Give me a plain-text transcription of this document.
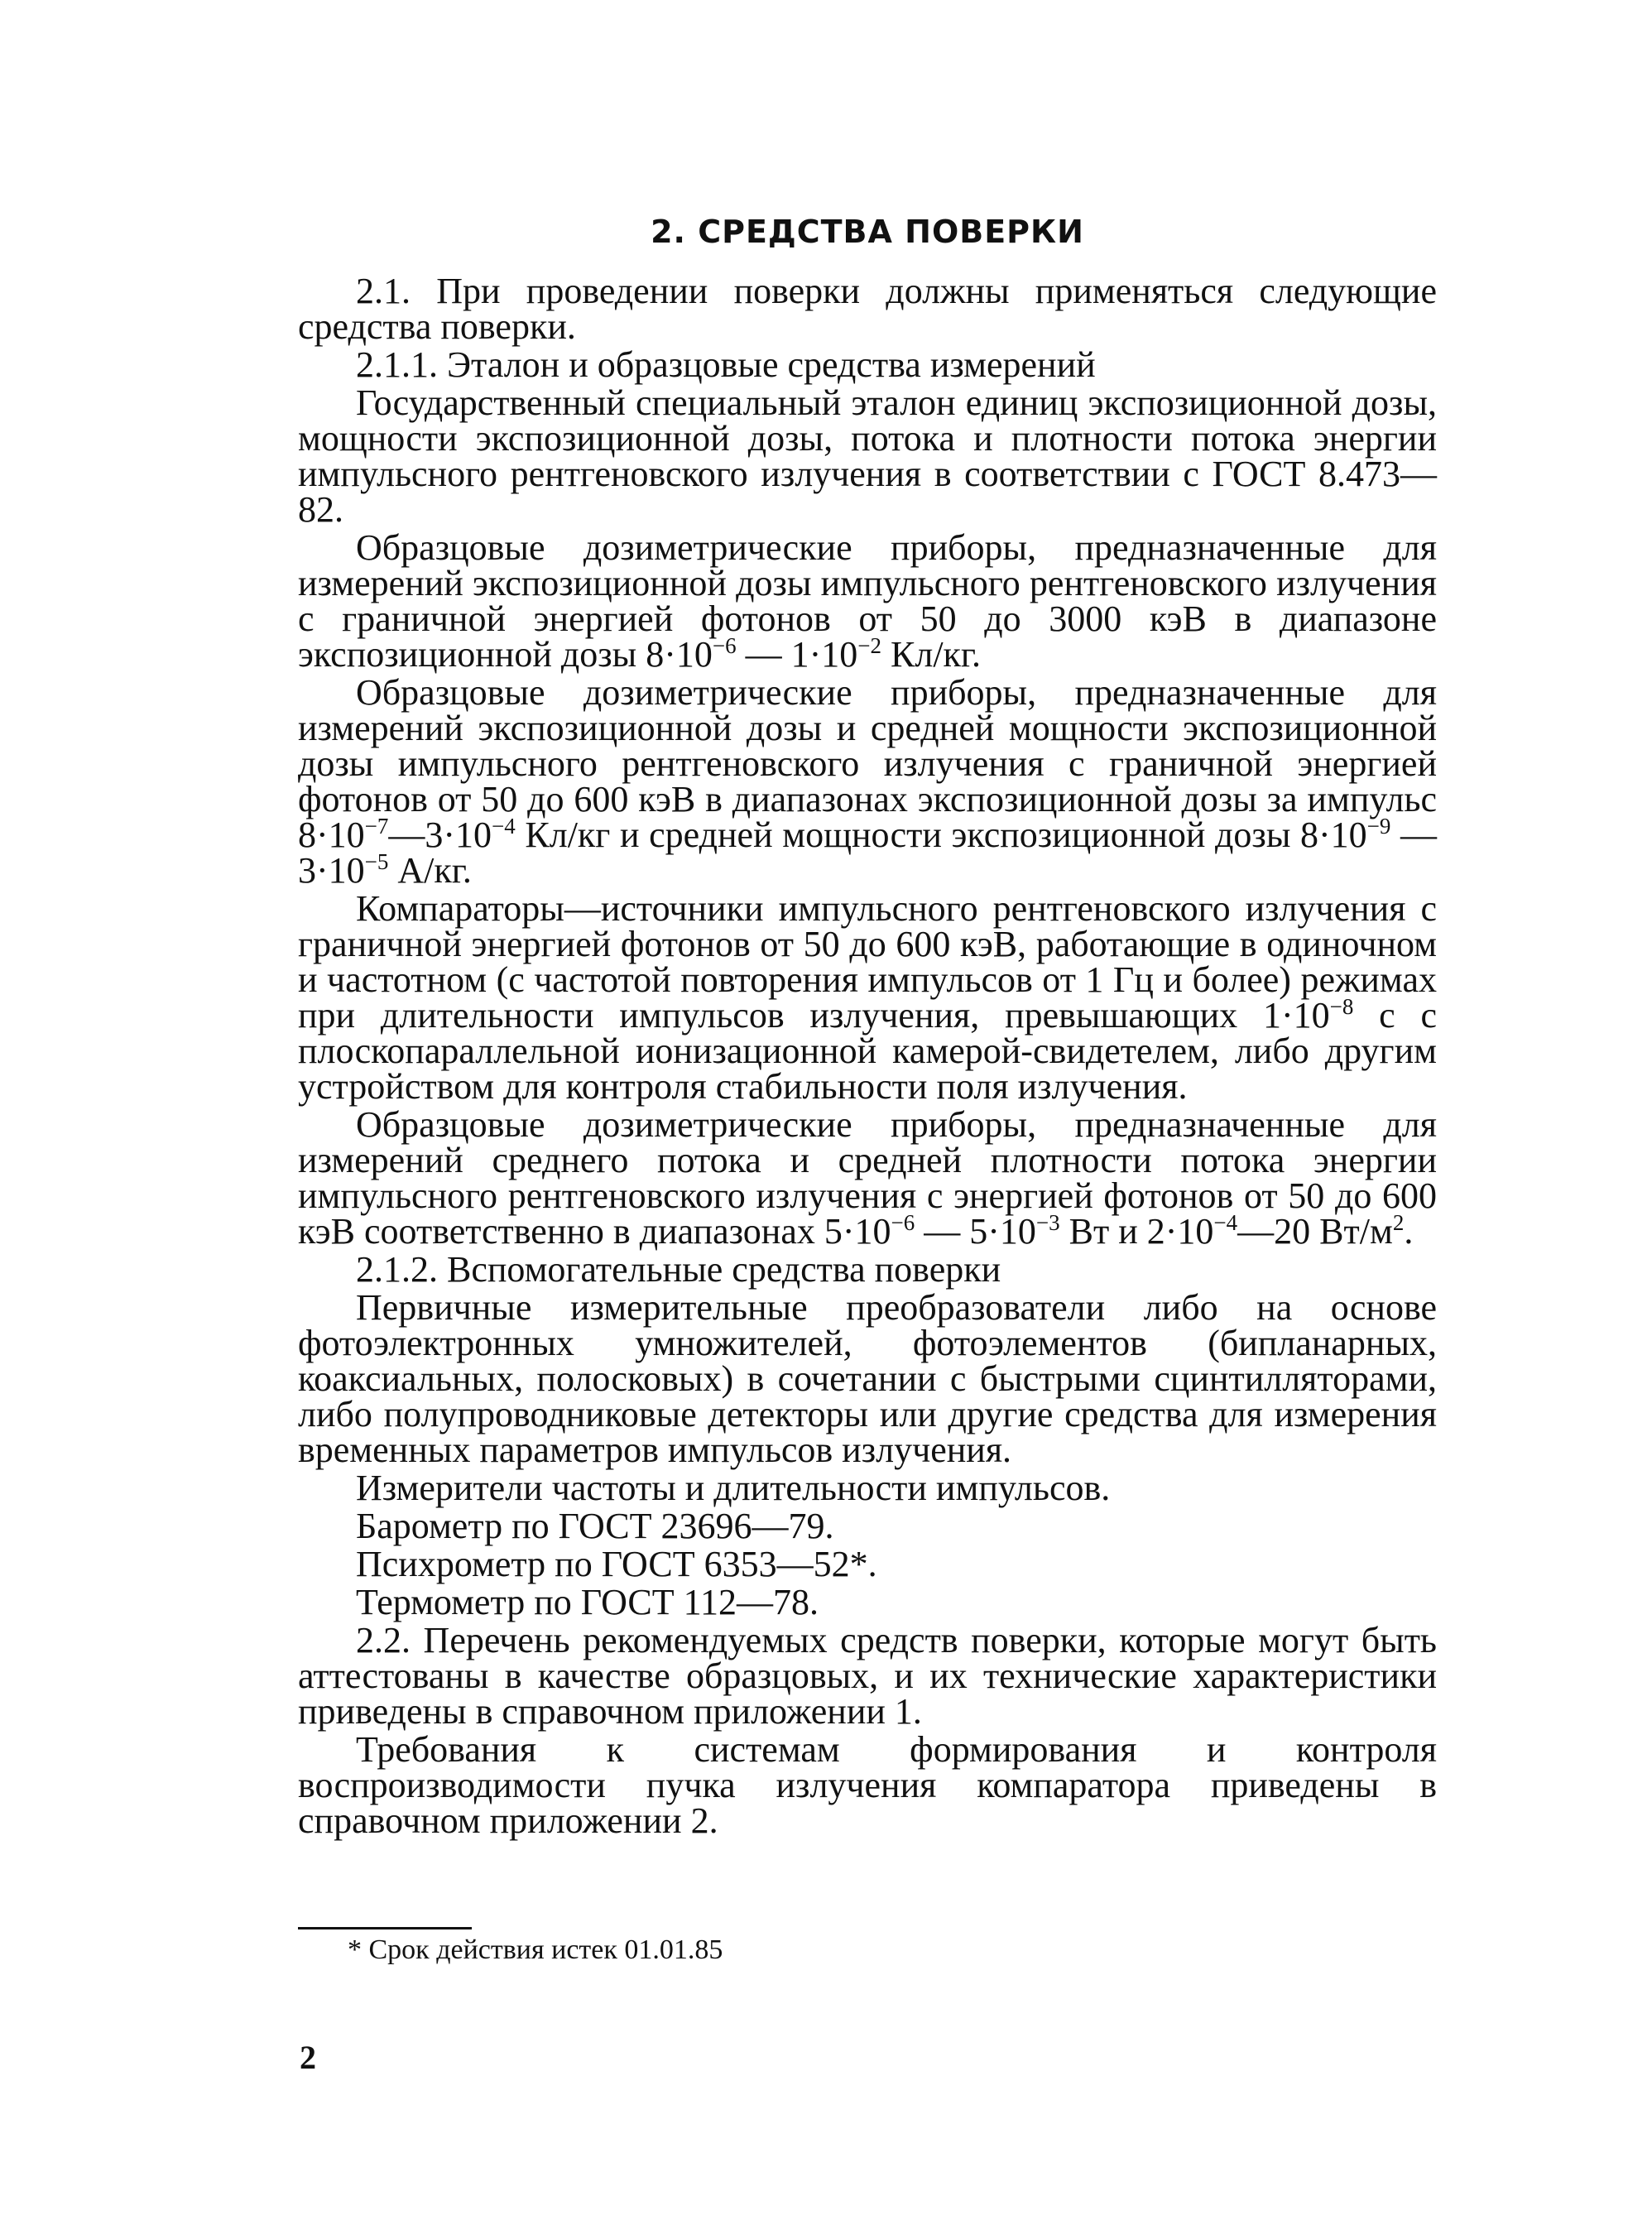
2. СРЕДСТВА ПОВЕРКИ

2.1. При проведении поверки должны применяться следующие средства поверки.

2.1.1. Эталон и образцовые средства измерений

Государственный специальный эталон единиц экспозиционной дозы, мощности экспозиционной дозы, потока и плотности потока энергии импульсного рентгеновского излучения в соответствии с ГОСТ 8.473—82.

Образцовые дозиметрические приборы, предназначенные для измерений экспозиционной дозы импульсного рентгеновского излучения с граничной энергией фотонов от 50 до 3000 кэВ в диапазоне экспозиционной дозы $8\cdot 10^{-6}$ — $1\cdot 10^{-2}$ Кл/кг.

Образцовые дозиметрические приборы, предназначенные для измерений экспозиционной дозы и средней мощности экспозиционной дозы импульсного рентгеновского излучения с граничной энергией фотонов от 50 до 600 кэВ в диапазонах экспозиционной дозы за импульс $8\cdot 10^{-7}—3\cdot 10^{-4}$ Кл/кг и средней мощности экспозиционной дозы $8\cdot 10^{-9}$ — $3\cdot 10^{-5}$ А/кг.

Компараторы—источники импульсного рентгеновского излучения с граничной энергией фотонов от 50 до 600 кэВ, работающие в одиночном и частотном (с частотой повторения импульсов от 1 Гц и более) режимах при длительности импульсов излучения, превышающих $1\cdot 10^{-8}$ с с плоскопараллельной ионизационной камерой-свидетелем, либо другим устройством для контроля стабильности поля излучения.

Образцовые дозиметрические приборы, предназначенные для измерений среднего потока и средней плотности потока энергии импульсного рентгеновского излучения с энергией фотонов от 50 до 600 кэВ соответственно в диапазонах $5\cdot 10^{-6}$ — $5\cdot 10^{-3}$ Вт и $2\cdot 10^{-4}—20$ $Вт/м^2$.

2.1.2. Вспомогательные средства поверки

Первичные измерительные преобразователи либо на основе фотоэлектронных умножителей, фотоэлементов (бипланарных, коаксиальных, полосковых) в сочетании с быстрыми сцинтилляторами, либо полупроводниковые детекторы или другие средства для измерения временных параметров импульсов излучения.

Измерители частоты и длительности импульсов.

Барометр по ГОСТ 23696—79.

Психрометр по ГОСТ 6353—52*.

Термометр по ГОСТ 112—78.

2.2. Перечень рекомендуемых средств поверки, которые могут быть аттестованы в качестве образцовых, и их технические характеристики приведены в справочном приложении 1.

Требования к системам формирования и контроля воспроизводимости пучка излучения компаратора приведены в справочном приложении 2.

* Срок действия истек 01.01.85
2
